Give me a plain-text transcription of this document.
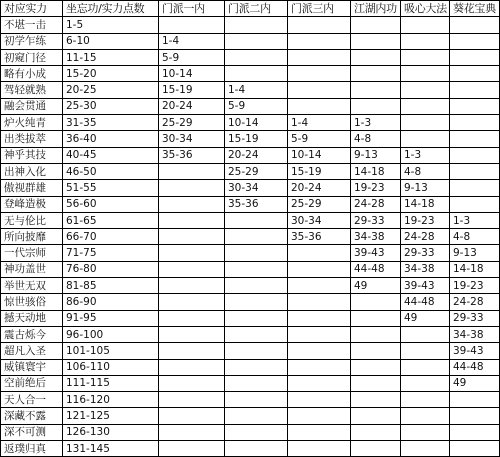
对应实力	坐忘功/实力点数	门派一内	门派二内	门派三内	江湖内功	吸心大法	葵花宝典
不堪一击	1-5						
初学乍练	6-10	1-4					
初窥门径	11-15	5-9					
略有小成	15-20	10-14					
驾轻就熟	20-25	15-19	1-4				
融会贯通	25-30	20-24	5-9				
炉火纯青	31-35	25-29	10-14	1-4	1-3		
出类拔萃	36-40	30-34	15-19	5-9	4-8		
神乎其技	40-45	35-36	20-24	10-14	9-13	1-3	
出神入化	46-50		25-29	15-19	14-18	4-8	
傲视群雄	51-55		30-34	20-24	19-23	9-13	
登峰造极	56-60		35-36	25-29	24-28	14-18	
无与伦比	61-65			30-34	29-33	19-23	1-3
所向披靡	66-70			35-36	34-38	24-28	4-8
一代宗师	71-75				39-43	29-33	9-13
神功盖世	76-80				44-48	34-38	14-18
举世无双	81-85				49	39-43	19-23
惊世骇俗	86-90					44-48	24-28
撼天动地	91-95					49	29-33
震古烁今	96-100						34-38
超凡入圣	101-105						39-43
威镇寰宇	106-110						44-48
空前绝后	111-115						49
天人合一	116-120						
深藏不露	121-125						
深不可测	126-130						
返璞归真	131-145						
